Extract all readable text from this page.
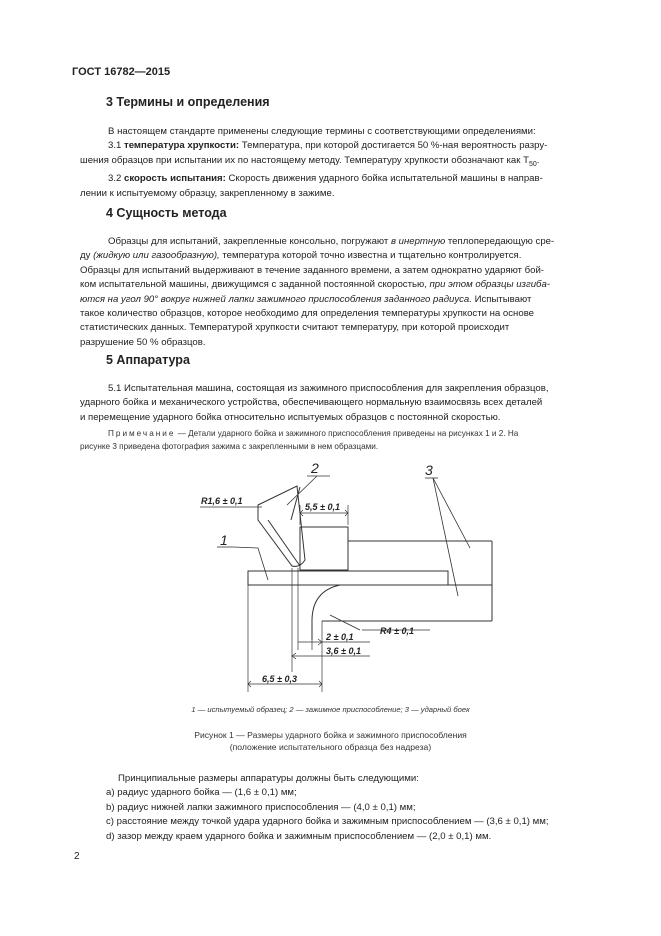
ГОСТ 16782—2015
3 Термины и определения
В настоящем стандарте применены следующие термины с соответствующими определениями:
3.1 температура хрупкости: Температура, при которой достигается 50 %-ная вероятность разру-
шения образцов при испытании их по настоящему методу. Температуру хрупкости обозначают как $T_{50}$.
3.2 скорость испытания: Скорость движения ударного бойка испытательной машины в направ-
лении к испытуемому образцу, закрепленному в зажиме.
4 Сущность метода
Образцы для испытаний, закрепленные консольно, погружают в инертную теплопередающую сре-
ду (жидкую или газообразную), температура которой точно известна и тщательно контролируется.
Образцы для испытаний выдерживают в течение заданного времени, а затем однократно ударяют бой-
ком испытательной машины, движущимся с заданной постоянной скоростью, при этом образцы изгиба-
ются на угол 90° вокруг нижней лапки зажимного приспособления заданного радиуса. Испытывают
такое количество образцов, которое необходимо для определения температуры хрупкости на основе
статистических данных. Температурой хрупкости считают температуру, при которой происходит
разрушение 50 % образцов.
5 Аппаратура
5.1 Испытательная машина, состоящая из зажимного приспособления для закрепления образцов,
ударного бойка и механического устройства, обеспечивающего нормальную взаимосвязь всех деталей
и перемещение ударного бойка относительно испытуемых образцов с постоянной скоростью.
Примечание — Детали ударного бойка и зажимного приспособления приведены на рисунках 1 и 2. На
рисунке 3 приведена фотография зажима с закрепленными в нем образцами.
2
1
3
R1,6 ± 0,1
5,5 ± 0,1
R4 ± 0,1
2 ± 0,1
3,6 ± 0,1
6,5 ± 0,3
1 — испытуемый образец; 2 — зажимное приспособление; 3 — ударный боек
Рисунок 1 — Размеры ударного бойка и зажимного приспособления
(положение испытательного образца без надреза)
Принципиальные размеры аппаратуры должны быть следующими:
a) радиус ударного бойка — (1,6 ± 0,1) мм;
b) радиус нижней лапки зажимного приспособления — (4,0 ± 0,1) мм;
c) расстояние между точкой удара ударного бойка и зажимным приспособлением — (3,6 ± 0,1) мм;
d) зазор между краем ударного бойка и зажимным приспособлением — (2,0 ± 0,1) мм.
2
